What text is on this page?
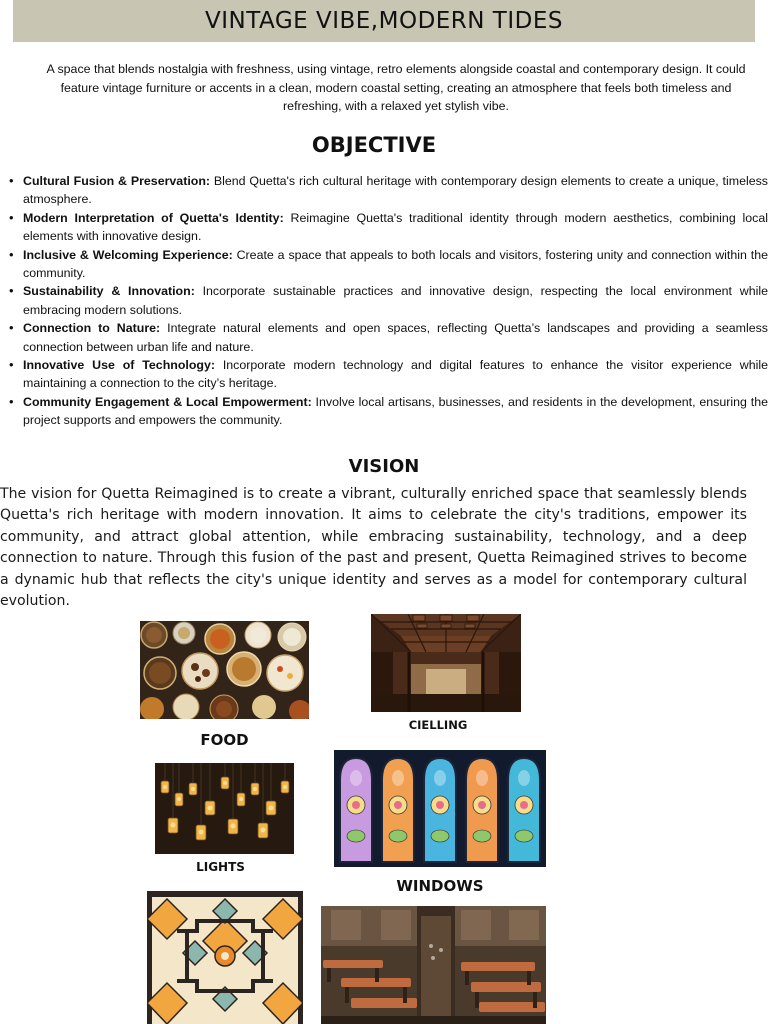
VINTAGE VIBE,MODERN TIDES

A space that blends nostalgia with freshness, using vintage, retro elements alongside coastal and contemporary design. It could feature vintage furniture or accents in a clean, modern coastal setting, creating an atmosphere that feels both timeless and refreshing, with a relaxed yet stylish vibe.

OBJECTIVE
• Cultural Fusion & Preservation: Blend Quetta's rich cultural heritage with contemporary design elements to create a unique, timeless atmosphere.
• Modern Interpretation of Quetta's Identity: Reimagine Quetta's traditional identity through modern aesthetics, combining local elements with innovative design.
• Inclusive & Welcoming Experience: Create a space that appeals to both locals and visitors, fostering unity and connection within the community.
• Sustainability & Innovation: Incorporate sustainable practices and innovative design, respecting the local environment while embracing modern solutions.
• Connection to Nature: Integrate natural elements and open spaces, reflecting Quetta’s landscapes and providing a seamless connection between urban life and nature.
• Innovative Use of Technology: Incorporate modern technology and digital features to enhance the visitor experience while maintaining a connection to the city’s heritage.
• Community Engagement & Local Empowerment: Involve local artisans, businesses, and residents in the development, ensuring the project supports and empowers the community.
VISION

The vision for Quetta Reimagined is to create a vibrant, culturally enriched space that seamlessly blends Quetta's rich heritage with modern innovation. It aims to celebrate the city's traditions, empower its community, and attract global attention, while embracing sustainability, technology, and a deep connection to nature. Through this fusion of the past and present, Quetta Reimagined strives to become a dynamic hub that reflects the city's unique identity and serves as a model for contemporary cultural evolution.

FOOD

CIELLING

LIGHTS

WINDOWS
